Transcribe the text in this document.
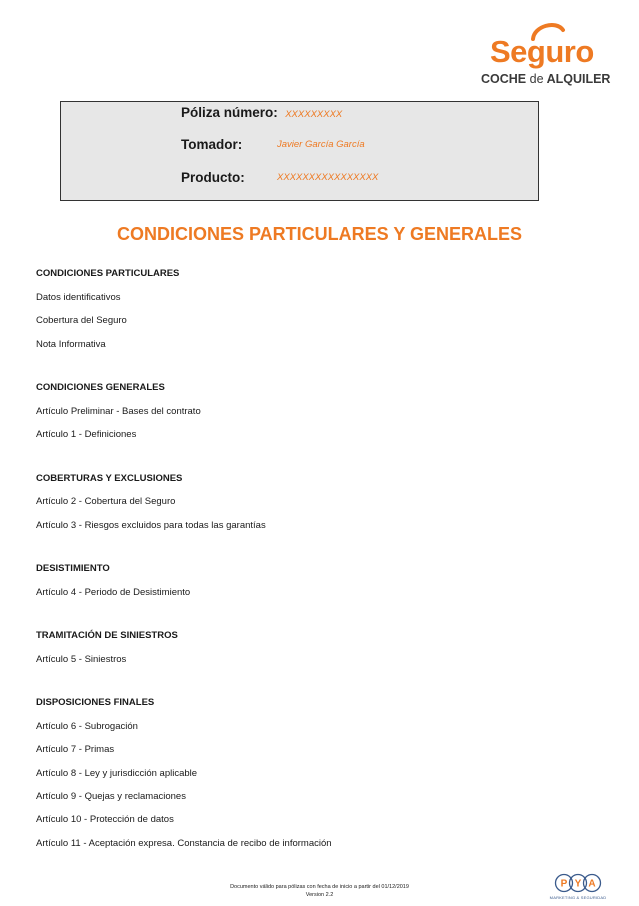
Seguro
COCHE de ALQUILER
Póliza número: XXXXXXXXX
Tomador:	Javier García García
Producto:	XXXXXXXXXXXXXXXX
CONDICIONES PARTICULARES Y GENERALES
CONDICIONES PARTICULARES
Datos identificativos
Cobertura del Seguro
Nota Informativa
CONDICIONES GENERALES
Artículo Preliminar - Bases del contrato
Artículo 1 - Definiciones
COBERTURAS Y EXCLUSIONES
Artículo 2 - Cobertura del Seguro
Artículo 3 - Riesgos excluidos para todas las garantías
DESISTIMIENTO
Artículo 4 - Periodo de Desistimiento
TRAMITACIÓN DE SINIESTROS
Artículo 5 - Siniestros
DISPOSICIONES FINALES
Artículo 6 - Subrogación
Artículo 7 - Primas
Artículo 8 - Ley y jurisdicción aplicable
Artículo 9 - Quejas y reclamaciones
Artículo 10 - Protección de datos
Artículo 11 - Aceptación expresa. Constancia de recibo de información
Documento válido para pólizas con fecha de inicio a partir del 01/12/2019
Version 2.2
P Y A
MARKETING & SEGURIDAD
